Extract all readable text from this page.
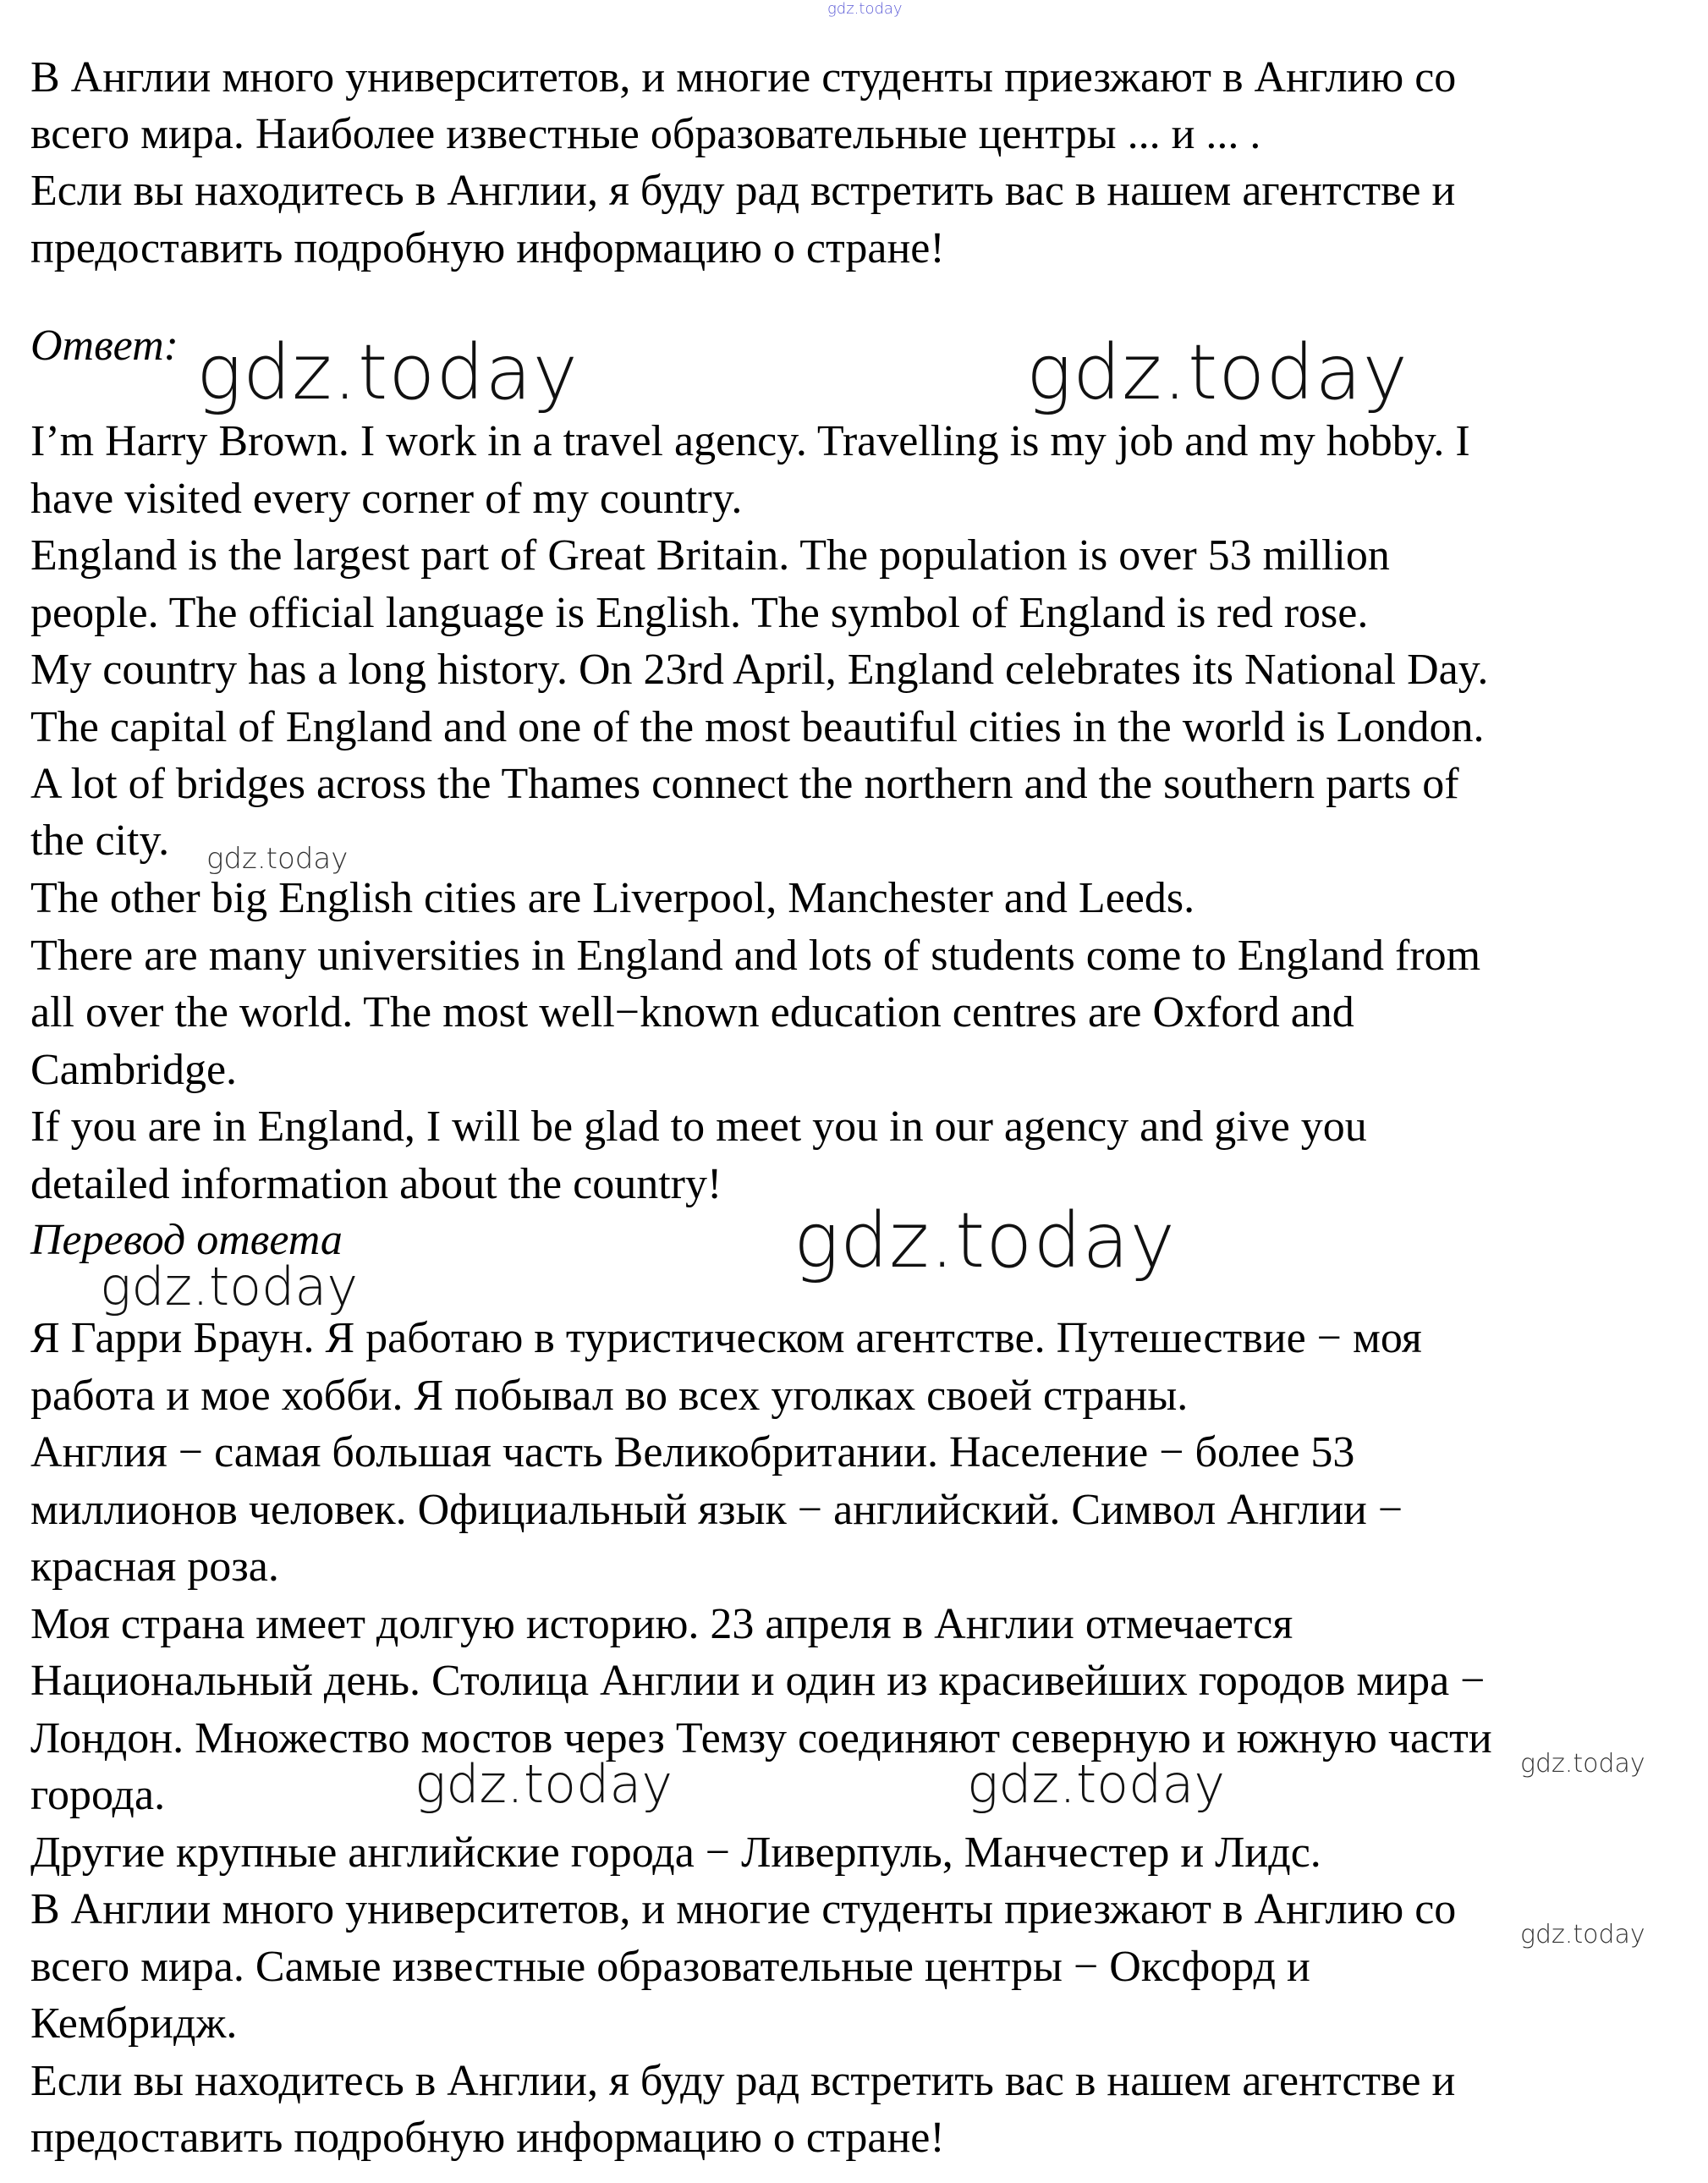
gdz.today

В Англии много университетов, и многие студенты приезжают в Англию со

всего мира. Наиболее известные образовательные центры ... и ... .

Если вы находитесь в Англии, я буду рад встретить вас в нашем агентстве и

предоставить подробную информацию о стране!

Ответ: gdz.today	gdz.today

I’m Harry Brown. I work in a travel agency. Travelling is my job and my hobby. I

have visited every corner of my country.

England is the largest part of Great Britain. The population is over 53 million

people. The official language is English. The symbol of England is red rose.

My country has a long history. On 23rd April, England celebrates its National Day.

The capital of England and one of the most beautiful cities in the world is London.

A lot of bridges across the Thames connect the northern and the southern parts of

the city.	gdz.today

The other big English cities are Liverpool, Manchester and Leeds.

There are many universities in England and lots of students come to England from

all over the world. The most well−known education centres are Oxford and

Cambridge.

If you are in England, I will be glad to meet you in our agency and give you

detailed information about the country!

Перевод ответа	gdz.today
gdz.today

Я Гарри Браун. Я работаю в туристическом агентстве. Путешествие − моя

работа и мое хобби. Я побывал во всех уголках своей страны.

Англия − самая большая часть Великобритании. Население − более 53

миллионов человек. Официальный язык − английский. Символ Англии −

красная роза.

Моя страна имеет долгую историю. 23 апреля в Англии отмечается

Национальный день. Столица Англии и один из красивейших городов мира −

Лондон. Множество мостов через Темзу соединяют северную и южную части

города.	gdz.today	gdz.today	gdz.today

Другие крупные английские города − Ливерпуль, Манчестер и Лидс.

В Англии много университетов, и многие студенты приезжают в Англию со

gdz.today

всего мира. Самые известные образовательные центры − Оксфорд и

Кембридж.

Если вы находитесь в Англии, я буду рад встретить вас в нашем агентстве и

предоставить подробную информацию о стране!
